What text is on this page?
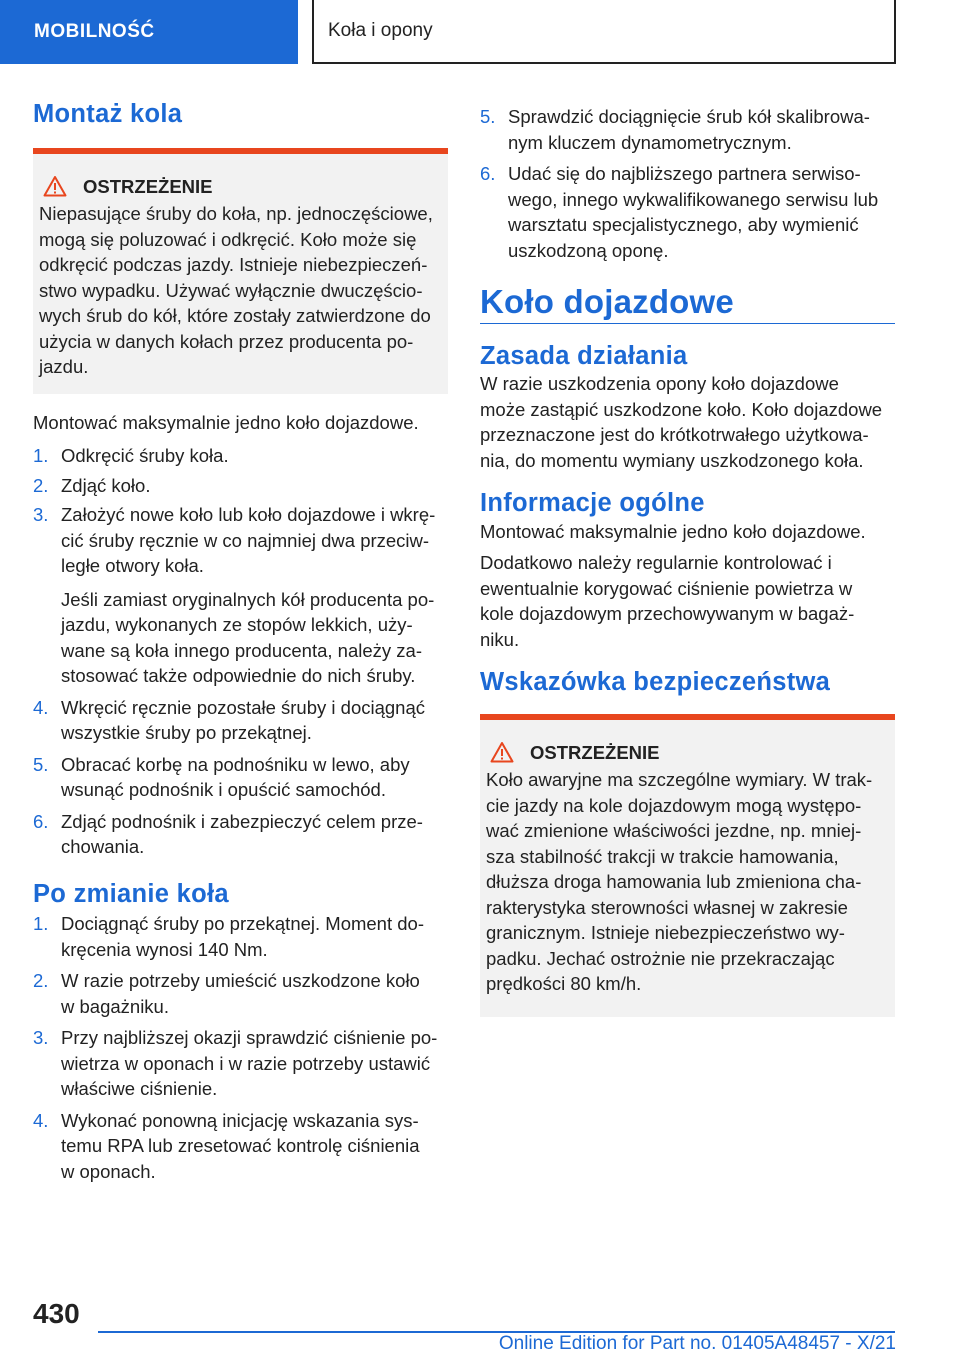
MOBILNOŚĆ	Koła i opony
Montaż kola
OSTRZEŻENIE
Niepasujące śruby do koła, np. jednoczęściowe,
mogą się poluzować i odkręcić. Koło może się
odkręcić podczas jazdy. Istnieje niebezpieczeń‐
stwo wypadku. Używać wyłącznie dwuczęścio‐
wych śrub do kół, które zostały zatwierdzone do
użycia w danych kołach przez producenta po‐
jazdu.

Montować maksymalnie jedno koło dojazdowe.

1. Odkręcić śruby koła.
2. Zdjąć koło.
3. Założyć nowe koło lub koło dojazdowe i wkrę‐
cić śruby ręcznie w co najmniej dwa przeciw‐
ległe otwory koła.
Jeśli zamiast oryginalnych kół producenta po‐
jazdu, wykonanych ze stopów lekkich, uży‐
wane są koła innego producenta, należy za‐
stosować także odpowiednie do nich śruby.
4. Wkręcić ręcznie pozostałe śruby i dociągnąć
wszystkie śruby po przekątnej.
5. Obracać korbę na podnośniku w lewo, aby
wsunąć podnośnik i opuścić samochód.
6. Zdjąć podnośnik i zabezpieczyć celem prze‐
chowania.
Po zmianie koła
1. Dociągnąć śruby po przekątnej. Moment do‐
kręcenia wynosi 140 Nm.
2. W razie potrzeby umieścić uszkodzone koło
w bagażniku.
3. Przy najbliższej okazji sprawdzić ciśnienie po‐
wietrza w oponach i w razie potrzeby ustawić
właściwe ciśnienie.
4. Wykonać ponowną inicjację wskazania sys‐
temu RPA lub zresetować kontrolę ciśnienia
w oponach.
5. Sprawdzić dociągnięcie śrub kół skalibrowa‐
nym kluczem dynamometrycznym.
6. Udać się do najbliższego partnera serwiso‐
wego, innego wykwalifikowanego serwisu lub
warsztatu specjalistycznego, aby wymienić
uszkodzoną oponę.
Koło dojazdowe
Zasada działania
W razie uszkodzenia opony koło dojazdowe
może zastąpić uszkodzone koło. Koło dojazdowe
przeznaczone jest do krótkotrwałego użytkowa‐
nia, do momentu wymiany uszkodzonego koła.
Informacje ogólne
Montować maksymalnie jedno koło dojazdowe.
Dodatkowo należy regularnie kontrolować i
ewentualnie korygować ciśnienie powietrza w
kole dojazdowym przechowywanym w bagaż‐
niku.
Wskazówka bezpieczeństwa
OSTRZEŻENIE
Koło awaryjne ma szczególne wymiary. W trak‐
cie jazdy na kole dojazdowym mogą występo‐
wać zmienione właściwości jezdne, np. mniej‐
sza stabilność trakcji w trakcie hamowania,
dłuższa droga hamowania lub zmieniona cha‐
rakterystyka sterowności własnej w zakresie
granicznym. Istnieje niebezpieczeństwo wy‐
padku. Jechać ostrożnie nie przekraczając
prędkości 80 km/h.
430
Online Edition for Part no. 01405A48457 - X/21
